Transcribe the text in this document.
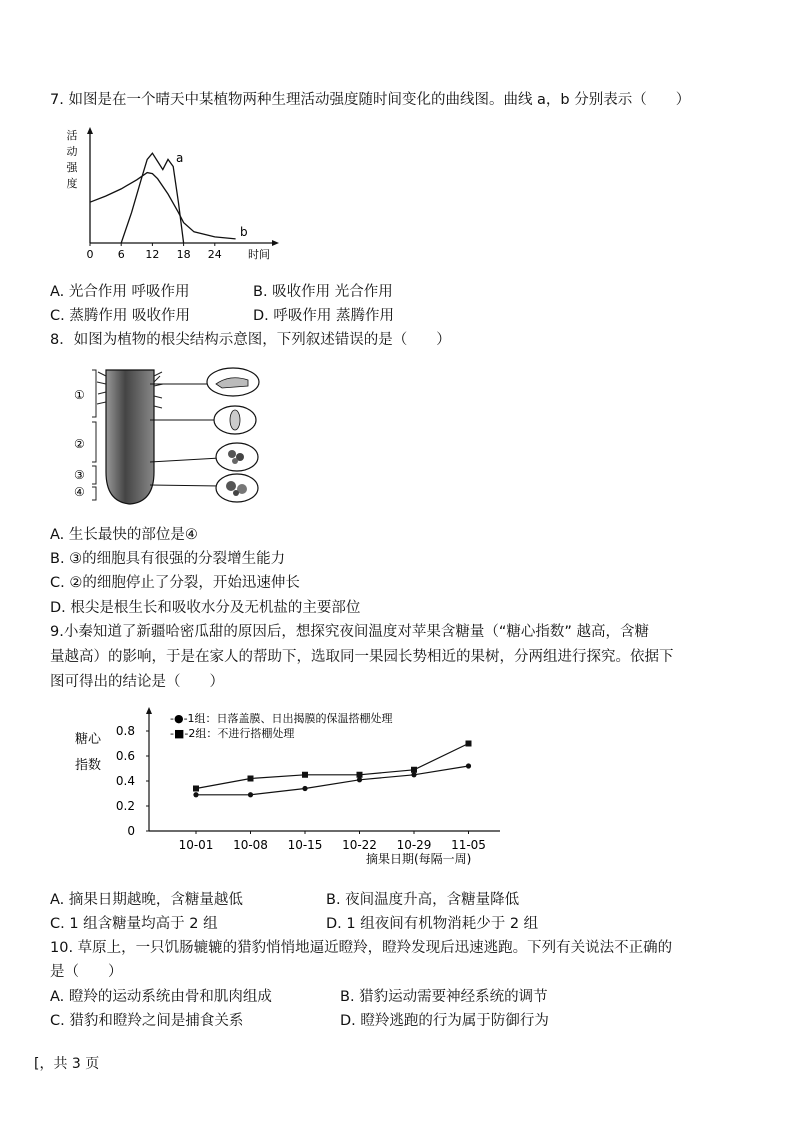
7. 如图是在一个晴天中某植物两种生理活动强度随时间变化的曲线图。曲线 a，b 分别表示（　　）
活
动
强
度
0 6 12 18 24 时间
a
b
A. 光合作用 呼吸作用	B. 吸收作用 光合作用
C. 蒸腾作用 吸收作用	D. 呼吸作用 蒸腾作用
8．如图为植物的根尖结构示意图，下列叙述错误的是（　　）
①
②
③
④
A. 生长最快的部位是④
B. ③的细胞具有很强的分裂增生能力
C. ②的细胞停止了分裂，开始迅速伸长
D. 根尖是根生长和吸收水分及无机盐的主要部位
9.小秦知道了新疆哈密瓜甜的原因后，想探究夜间温度对苹果含糖量（“糖心指数” 越高，含糖
量越高）的影响，于是在家人的帮助下，选取同一果园长势相近的果树，分两组进行探究。依据下
图可得出的结论是（　　）
糖心
指数
0
0.2
0.4
0.6
0.8
10-01 10-08 10-15 10-22 10-29 11-05
-●-1组：日落盖膜、日出揭膜的保温搭棚处理
-■-2组：不进行搭棚处理
摘果日期(每隔一周)
A. 摘果日期越晚，含糖量越低	B. 夜间温度升高，含糖量降低
C. 1 组含糖量均高于 2 组	D. 1 组夜间有机物消耗少于 2 组
10. 草原上，一只饥肠辘辘的猎豹悄悄地逼近瞪羚，瞪羚发现后迅速逃跑。下列有关说法不正确的
是（　　）
A. 瞪羚的运动系统由骨和肌肉组成	B. 猎豹运动需要神经系统的调节
C. 猎豹和瞪羚之间是捕食关系	D. 瞪羚逃跑的行为属于防御行为
[，共 3 页
